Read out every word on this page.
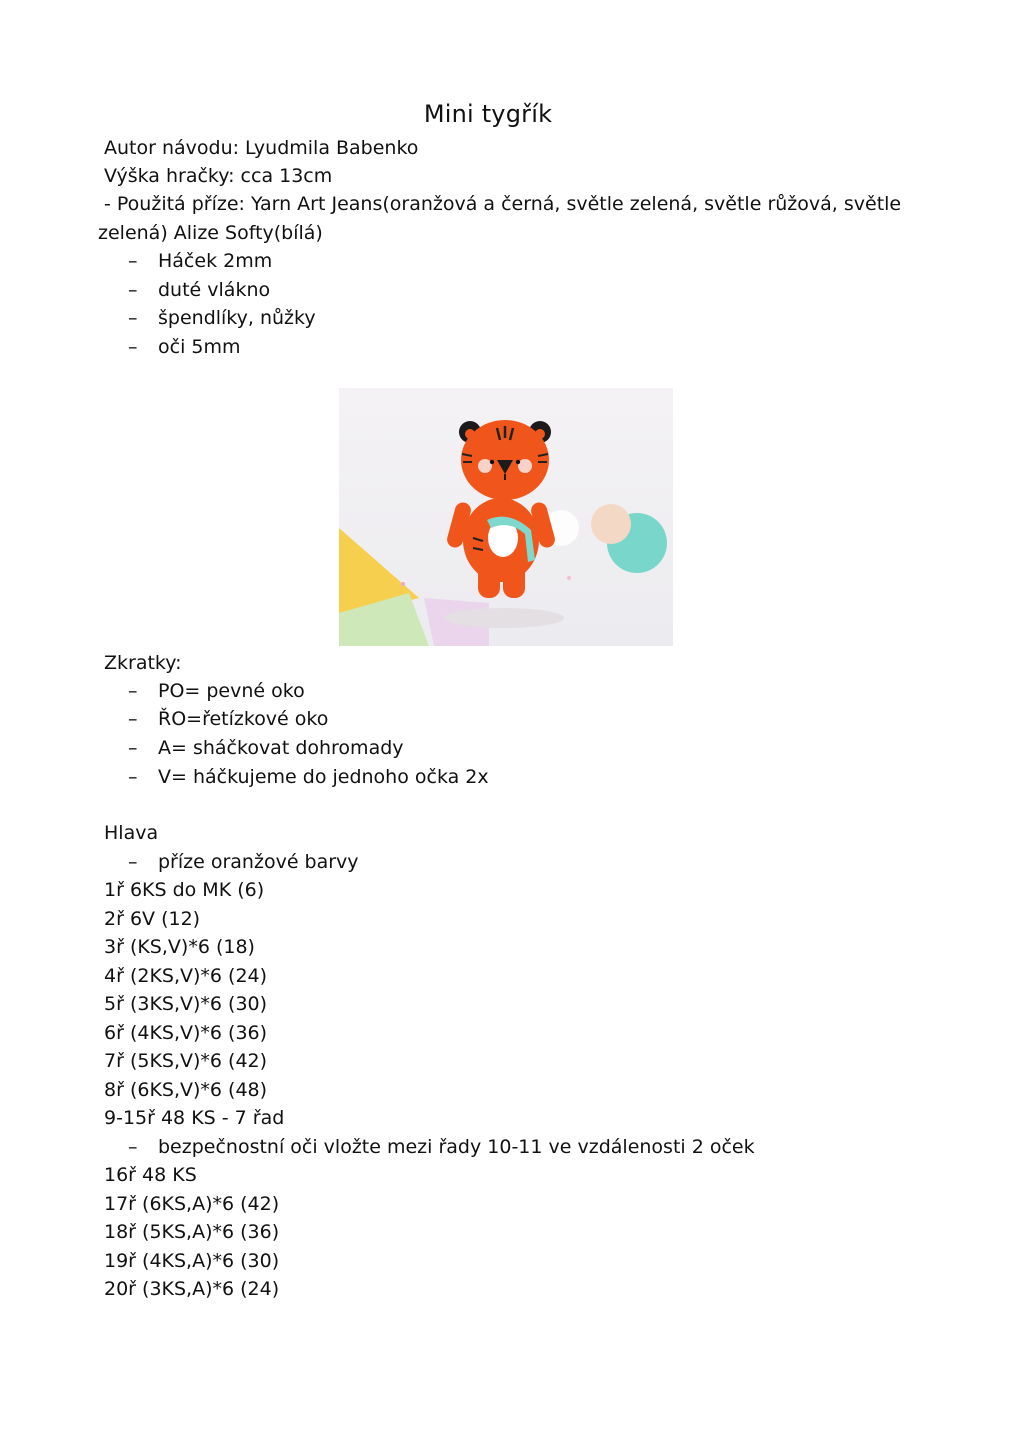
Mini tygřík
Autor návodu: Lyudmila Babenko
Výška hračky: cca 13cm
- Použitá příze: Yarn Art Jeans(oranžová a černá, světle zelená, světle růžová, světle
zelená) Alize Softy(bílá)
– Háček 2mm
– duté vlákno
– špendlíky, nůžky
– oči 5mm
Zkratky:
– PO= pevné oko
– ŘO=řetízkové oko
– A= sháčkovat dohromady
– V= háčkujeme do jednoho očka 2x
Hlava
– příze oranžové barvy
1ř 6KS do MK (6)
2ř 6V (12)
3ř (KS,V)*6 (18)
4ř (2KS,V)*6 (24)
5ř (3KS,V)*6 (30)
6ř (4KS,V)*6 (36)
7ř (5KS,V)*6 (42)
8ř (6KS,V)*6 (48)
9-15ř 48 KS - 7 řad
– bezpečnostní oči vložte mezi řady 10-11 ve vzdálenosti 2 oček
16ř 48 KS
17ř (6KS,A)*6 (42)
18ř (5KS,A)*6 (36)
19ř (4KS,A)*6 (30)
20ř (3KS,A)*6 (24)
